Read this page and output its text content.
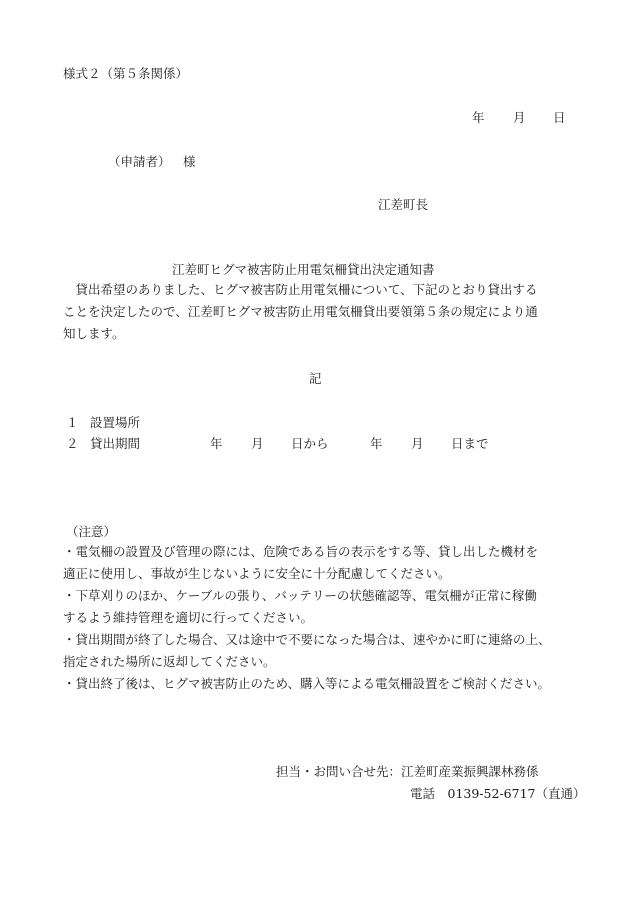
様式２（第５条関係）
年 月 日
（申請者） 様
江差町長
江差町ヒグマ被害防止用電気柵貸出決定通知書
　貸出希望のありました、ヒグマ被害防止用電気柵について、下記のとおり貸出する
ことを決定したので、江差町ヒグマ被害防止用電気柵貸出要領第５条の規定により通
知します。
記
１ 設置場所
２ 貸出期間	年 月 日から	年 月 日まで
（注意）
・電気柵の設置及び管理の際には、危険である旨の表示をする等、貸し出した機材を
適正に使用し、事故が生じないように安全に十分配慮してください。
・下草刈りのほか、ケーブルの張り、バッテリーの状態確認等、電気柵が正常に稼働
するよう維持管理を適切に行ってください。
・貸出期間が終了した場合、又は途中で不要になった場合は、速やかに町に連絡の上、
指定された場所に返却してください。
・貸出終了後は、ヒグマ被害防止のため、購入等による電気柵設置をご検討ください。
担当・お問い合せ先：江差町産業振興課林務係
電話　0139-52-6717（直通）
